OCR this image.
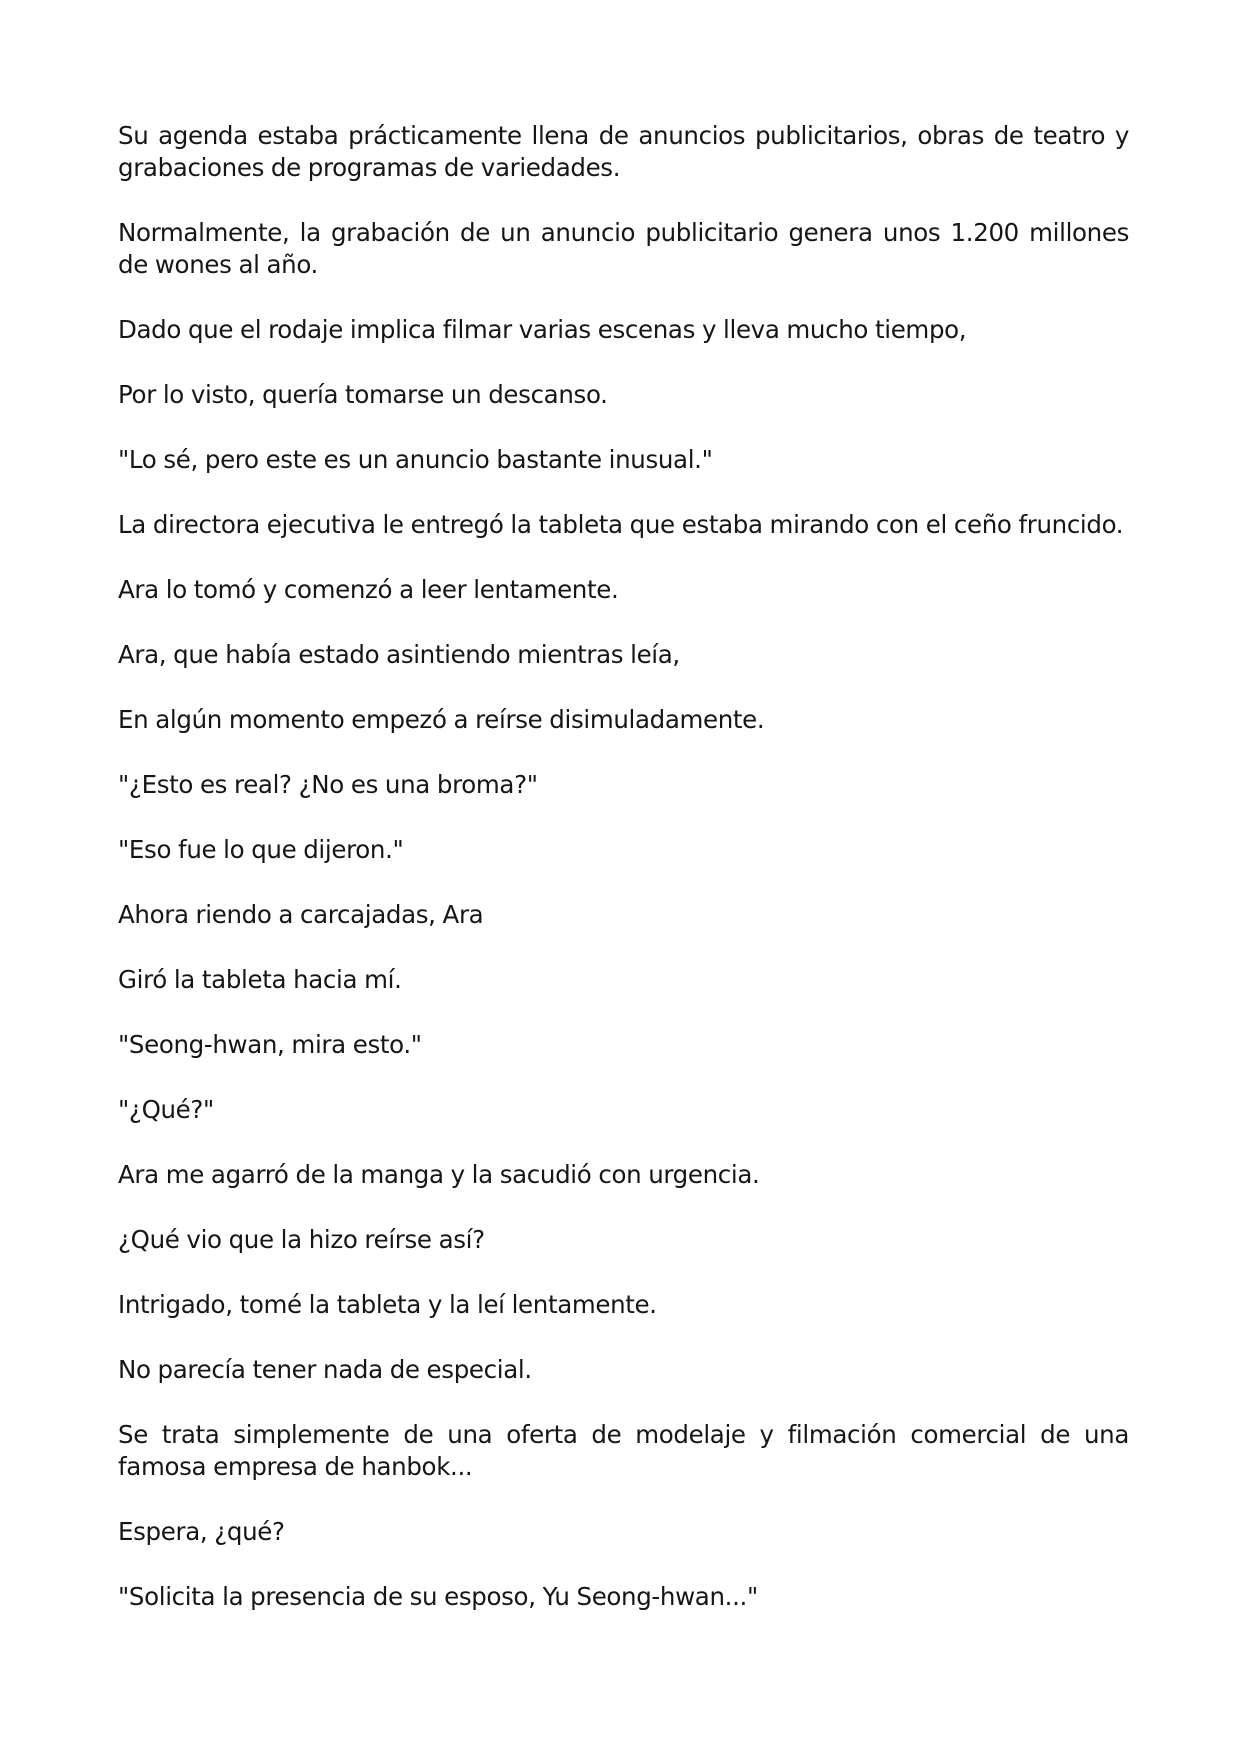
Su agenda estaba prácticamente llena de anuncios publicitarios, obras de teatro y grabaciones de programas de variedades.

Normalmente, la grabación de un anuncio publicitario genera unos 1.200 millones de wones al año.

Dado que el rodaje implica filmar varias escenas y lleva mucho tiempo,

Por lo visto, quería tomarse un descanso.

"Lo sé, pero este es un anuncio bastante inusual."

La directora ejecutiva le entregó la tableta que estaba mirando con el ceño fruncido.

Ara lo tomó y comenzó a leer lentamente.

Ara, que había estado asintiendo mientras leía,

En algún momento empezó a reírse disimuladamente.

"¿Esto es real? ¿No es una broma?"

"Eso fue lo que dijeron."

Ahora riendo a carcajadas, Ara

Giró la tableta hacia mí.

"Seong-hwan, mira esto."

"¿Qué?"

Ara me agarró de la manga y la sacudió con urgencia.

¿Qué vio que la hizo reírse así?

Intrigado, tomé la tableta y la leí lentamente.

No parecía tener nada de especial.

Se trata simplemente de una oferta de modelaje y filmación comercial de una famosa empresa de hanbok...

Espera, ¿qué?

"Solicita la presencia de su esposo, Yu Seong-hwan..."
